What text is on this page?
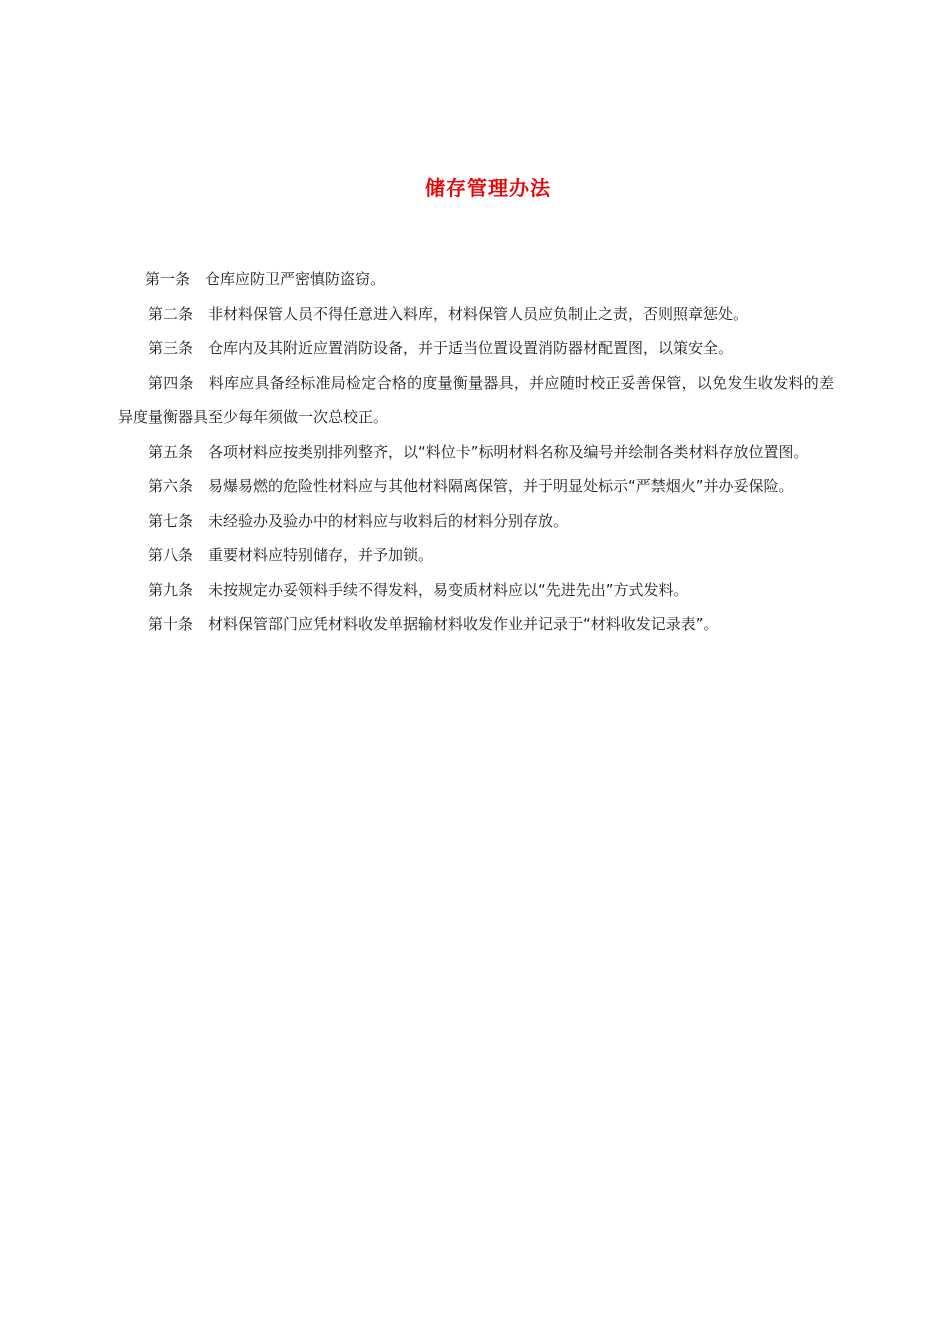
储存管理办法

第一条 仓库应防卫严密慎防盗窃。

第二条 非材料保管人员不得任意进入料库，材料保管人员应负制止之责，否则照章惩处。

第三条 仓库内及其附近应置消防设备，并于适当位置设置消防器材配置图，以策安全。

第四条 料库应具备经标准局检定合格的度量衡量器具，并应随时校正妥善保管，以免发生收发料的差异度量衡器具至少每年须做一次总校正。

第五条 各项材料应按类别排列整齐，以“料位卡”标明材料名称及编号并绘制各类材料存放位置图。

第六条 易爆易燃的危险性材料应与其他材料隔离保管，并于明显处标示“严禁烟火”并办妥保险。

第七条 未经验办及验办中的材料应与收料后的材料分别存放。

第八条 重要材料应特别储存，并予加锁。

第九条 未按规定办妥领料手续不得发料，易变质材料应以“先进先出”方式发料。

第十条 材料保管部门应凭材料收发单据输材料收发作业并记录于“材料收发记录表”。
